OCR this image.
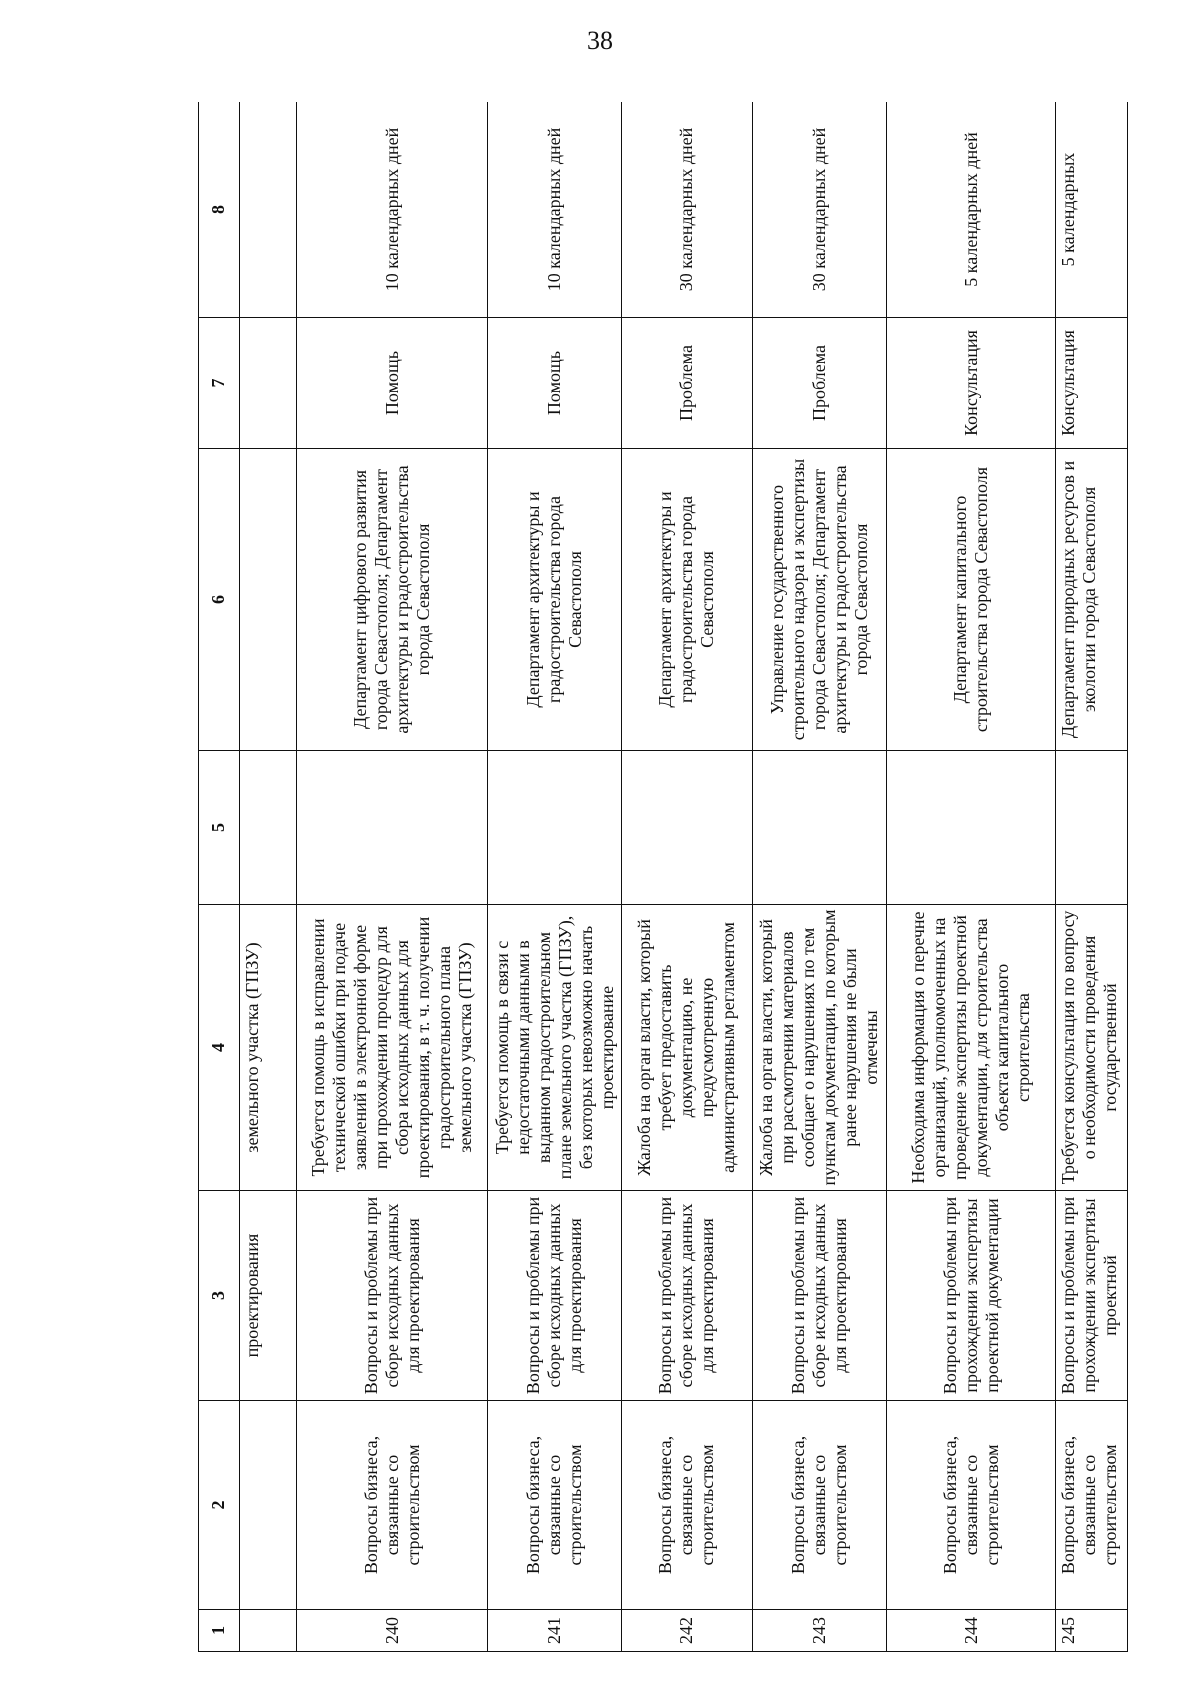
38
1	2	3	4	5	6	7	8
		проектирования	земельного участка (ГПЗУ)				
240	Вопросы бизнеса, связанные со строительством	Вопросы и проблемы при сборе исходных данных для проектирования	Требуется помощь в исправлении технической ошибки при подаче заявлений в электронной форме при прохождении процедур для сбора исходных данных для проектирования, в т. ч. получении градостроительного плана земельного участка (ГПЗУ)		Департамент цифрового развития города Севастополя; Департамент архитектуры и градостроительства города Севастополя	Помощь	10 календарных дней
241	Вопросы бизнеса, связанные со строительством	Вопросы и проблемы при сборе исходных данных для проектирования	Требуется помощь в связи с недостаточными данными в выданном градостроительном плане земельного участка (ГПЗУ), без которых невозможно начать проектирование		Департамент архитектуры и градостроительства города Севастополя	Помощь	10 календарных дней
242	Вопросы бизнеса, связанные со строительством	Вопросы и проблемы при сборе исходных данных для проектирования	Жалоба на орган власти, который требует предоставить документацию, не предусмотренную административным регламентом		Департамент архитектуры и градостроительства города Севастополя	Проблема	30 календарных дней
243	Вопросы бизнеса, связанные со строительством	Вопросы и проблемы при сборе исходных данных для проектирования	Жалоба на орган власти, который при рассмотрении материалов сообщает о нарушениях по тем пунктам документации, по которым ранее нарушения не были отмечены		Управление государственного строительного надзора и экспертизы города Севастополя; Департамент архитектуры и градостроительства города Севастополя	Проблема	30 календарных дней
244	Вопросы бизнеса, связанные со строительством	Вопросы и проблемы при прохождении экспертизы проектной документации	Необходима информация о перечне организаций, уполномоченных на проведение экспертизы проектной документации, для строительства объекта капитального строительства		Департамент капитального строительства города Севастополя	Консультация	5 календарных дней
245	Вопросы бизнеса, связанные со строительством	Вопросы и проблемы при прохождении экспертизы проектной	Требуется консультация по вопросу о необходимости проведения государственной		Департамент природных ресурсов и экологии города Севастополя	Консультация	5 календарных
